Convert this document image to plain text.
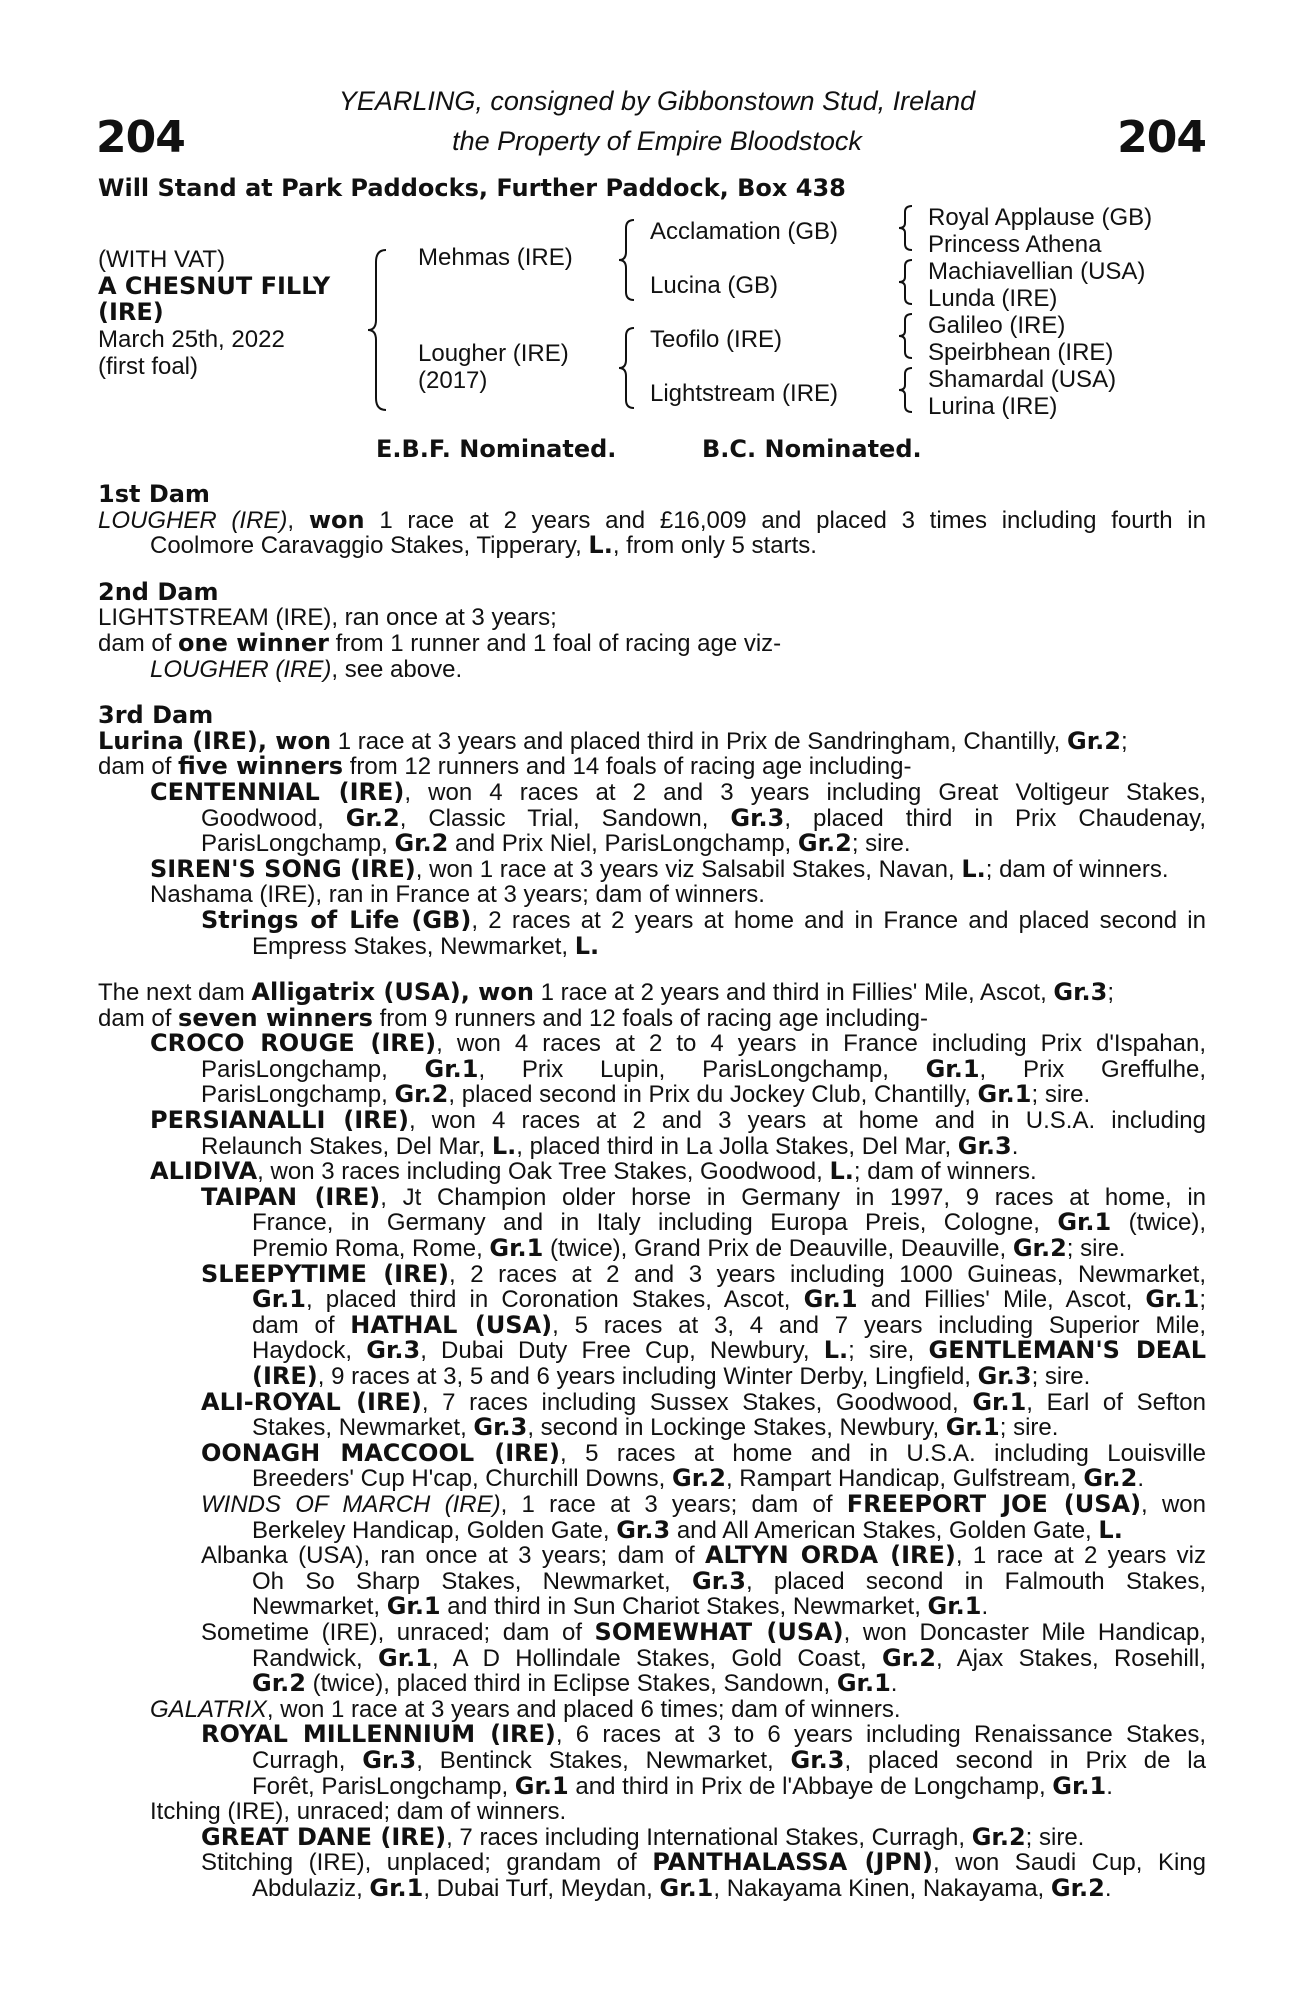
204	204
YEARLING, consigned by Gibbonstown Stud, Ireland
the Property of Empire Bloodstock
Will Stand at Park Paddocks, Further Paddock, Box 438
(WITH VAT)
A CHESNUT FILLY
(IRE)
March 25th, 2022
(first foal)
Mehmas (IRE)
Lougher (IRE)
(2017)
Acclamation (GB)
Lucina (GB)
Teofilo (IRE)
Lightstream (IRE)
Royal Applause (GB)
Princess Athena
Machiavellian (USA)
Lunda (IRE)
Galileo (IRE)
Speirbhean (IRE)
Shamardal (USA)
Lurina (IRE)
E.B.F. Nominated.	B.C. Nominated.
1st Dam
LOUGHER (IRE), won 1 race at 2 years and £16,009 and placed 3 times including fourth in
Coolmore Caravaggio Stakes, Tipperary, L., from only 5 starts.
2nd Dam
LIGHTSTREAM (IRE), ran once at 3 years;
dam of one winner from 1 runner and 1 foal of racing age viz-
LOUGHER (IRE), see above.
3rd Dam
Lurina (IRE), won 1 race at 3 years and placed third in Prix de Sandringham, Chantilly, Gr.2;
dam of five winners from 12 runners and 14 foals of racing age including-
CENTENNIAL (IRE), won 4 races at 2 and 3 years including Great Voltigeur Stakes,
Goodwood, Gr.2, Classic Trial, Sandown, Gr.3, placed third in Prix Chaudenay,
ParisLongchamp, Gr.2 and Prix Niel, ParisLongchamp, Gr.2; sire.
SIREN'S SONG (IRE), won 1 race at 3 years viz Salsabil Stakes, Navan, L.; dam of winners.
Nashama (IRE), ran in France at 3 years; dam of winners.
Strings of Life (GB), 2 races at 2 years at home and in France and placed second in
Empress Stakes, Newmarket, L.
The next dam Alligatrix (USA), won 1 race at 2 years and third in Fillies' Mile, Ascot, Gr.3;
dam of seven winners from 9 runners and 12 foals of racing age including-
CROCO ROUGE (IRE), won 4 races at 2 to 4 years in France including Prix d'Ispahan,
ParisLongchamp, Gr.1, Prix Lupin, ParisLongchamp, Gr.1, Prix Greffulhe,
ParisLongchamp, Gr.2, placed second in Prix du Jockey Club, Chantilly, Gr.1; sire.
PERSIANALLI (IRE), won 4 races at 2 and 3 years at home and in U.S.A. including
Relaunch Stakes, Del Mar, L., placed third in La Jolla Stakes, Del Mar, Gr.3.
ALIDIVA, won 3 races including Oak Tree Stakes, Goodwood, L.; dam of winners.
TAIPAN (IRE), Jt Champion older horse in Germany in 1997, 9 races at home, in
France, in Germany and in Italy including Europa Preis, Cologne, Gr.1 (twice),
Premio Roma, Rome, Gr.1 (twice), Grand Prix de Deauville, Deauville, Gr.2; sire.
SLEEPYTIME (IRE), 2 races at 2 and 3 years including 1000 Guineas, Newmarket,
Gr.1, placed third in Coronation Stakes, Ascot, Gr.1 and Fillies' Mile, Ascot, Gr.1;
dam of HATHAL (USA), 5 races at 3, 4 and 7 years including Superior Mile,
Haydock, Gr.3, Dubai Duty Free Cup, Newbury, L.; sire, GENTLEMAN'S DEAL
(IRE), 9 races at 3, 5 and 6 years including Winter Derby, Lingfield, Gr.3; sire.
ALI-ROYAL (IRE), 7 races including Sussex Stakes, Goodwood, Gr.1, Earl of Sefton
Stakes, Newmarket, Gr.3, second in Lockinge Stakes, Newbury, Gr.1; sire.
OONAGH MACCOOL (IRE), 5 races at home and in U.S.A. including Louisville
Breeders' Cup H'cap, Churchill Downs, Gr.2, Rampart Handicap, Gulfstream, Gr.2.
WINDS OF MARCH (IRE), 1 race at 3 years; dam of FREEPORT JOE (USA), won
Berkeley Handicap, Golden Gate, Gr.3 and All American Stakes, Golden Gate, L.
Albanka (USA), ran once at 3 years; dam of ALTYN ORDA (IRE), 1 race at 2 years viz
Oh So Sharp Stakes, Newmarket, Gr.3, placed second in Falmouth Stakes,
Newmarket, Gr.1 and third in Sun Chariot Stakes, Newmarket, Gr.1.
Sometime (IRE), unraced; dam of SOMEWHAT (USA), won Doncaster Mile Handicap,
Randwick, Gr.1, A D Hollindale Stakes, Gold Coast, Gr.2, Ajax Stakes, Rosehill,
Gr.2 (twice), placed third in Eclipse Stakes, Sandown, Gr.1.
GALATRIX, won 1 race at 3 years and placed 6 times; dam of winners.
ROYAL MILLENNIUM (IRE), 6 races at 3 to 6 years including Renaissance Stakes,
Curragh, Gr.3, Bentinck Stakes, Newmarket, Gr.3, placed second in Prix de la
Forêt, ParisLongchamp, Gr.1 and third in Prix de l'Abbaye de Longchamp, Gr.1.
Itching (IRE), unraced; dam of winners.
GREAT DANE (IRE), 7 races including International Stakes, Curragh, Gr.2; sire.
Stitching (IRE), unplaced; grandam of PANTHALASSA (JPN), won Saudi Cup, King
Abdulaziz, Gr.1, Dubai Turf, Meydan, Gr.1, Nakayama Kinen, Nakayama, Gr.2.
